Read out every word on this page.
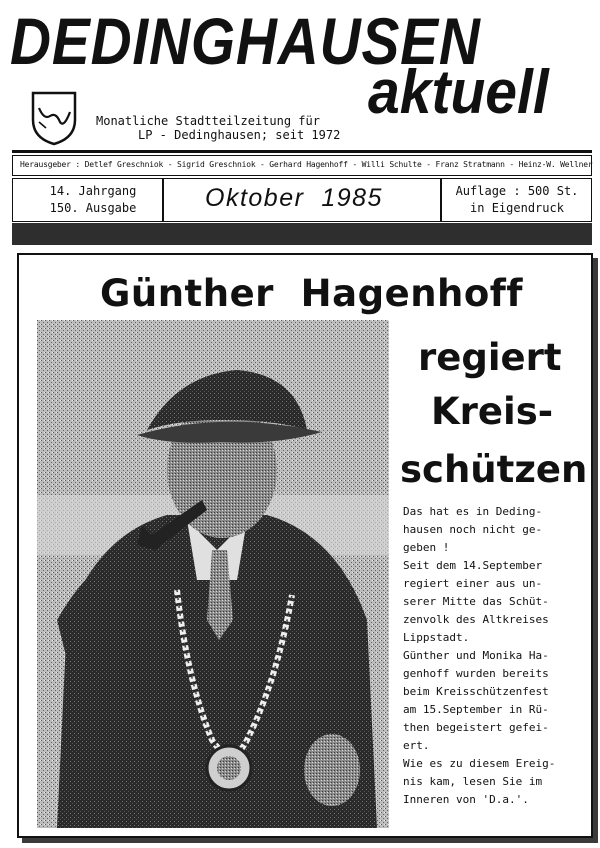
DEDINGHAUSEN
aktuell
Monatliche Stadtteilzeitung für
LP - Dedinghausen; seit 1972
Herausgeber : Detlef Greschniok - Sigrid Greschniok - Gerhard Hagenhoff - Willi Schulte - Franz Stratmann - Heinz-W. Wellner
14. Jahrgang
150. Ausgabe	Oktober  1985	Auflage : 500 St.
in Eigendruck
Günther  Hagenhoff
regiert
Kreis-
schützen
Das hat es in Deding-
hausen noch nicht ge-
geben !
Seit dem 14.September
regiert einer aus un-
serer Mitte das Schüt-
zenvolk des Altkreises
Lippstadt.
Günther und Monika Ha-
genhoff wurden bereits
beim Kreisschützenfest
am 15.September in Rü-
then begeistert gefei-
ert.
Wie es zu diesem Ereig-
nis kam, lesen Sie im
Inneren von 'D.a.'.
